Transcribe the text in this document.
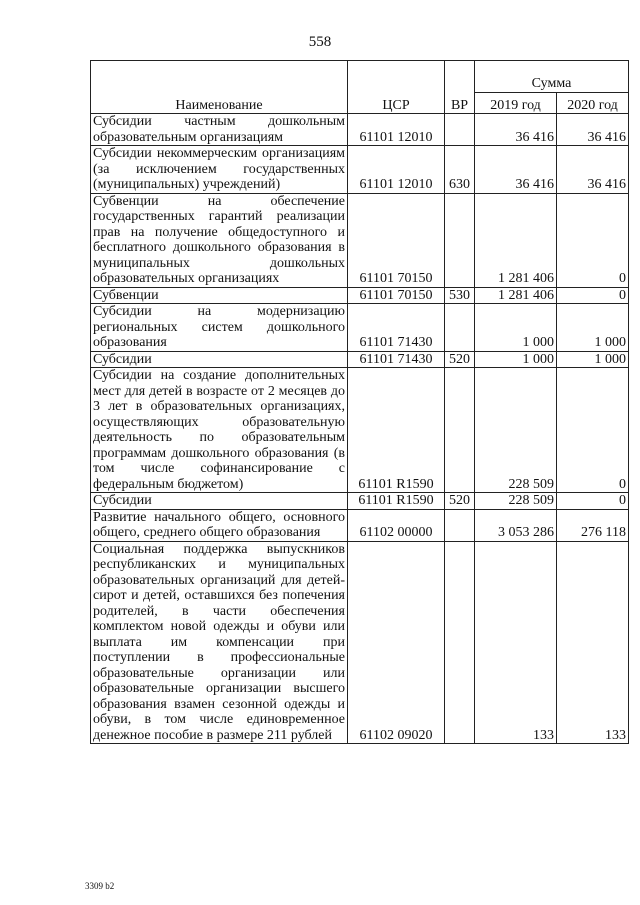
558
Наименование	ЦСР	ВР	Сумма	
			2019 год	2020 год
Субсидии частным дошкольным образовательным организациям	61101 12010		36 416	36 416
Субсидии некоммерческим организациям (за исключением государственных (муниципальных) учреждений)	61101 12010	630	36 416	36 416
Субвенции на обеспечение государственных гарантий реализации прав на получение общедоступного и бесплатного дошкольного образования в муниципальных дошкольных образовательных организациях	61101 70150		1 281 406	0
Субвенции	61101 70150	530	1 281 406	0
Субсидии на модернизацию региональных систем дошкольного образования	61101 71430		1 000	1 000
Субсидии	61101 71430	520	1 000	1 000
Субсидии на создание дополнительных мест для детей в возрасте от 2 месяцев до 3 лет в образовательных организациях, осуществляющих образовательную деятельность по образовательным программам дошкольного образования (в том числе софинансирование с федеральным бюджетом)	61101 R1590		228 509	0
Субсидии	61101 R1590	520	228 509	0
Развитие начального общего, основного общего, среднего общего образования	61102 00000		3 053 286	276 118
Социальная поддержка выпускников республиканских и муниципальных образовательных организаций для детей-сирот и детей, оставшихся без попечения родителей, в части обеспечения комплектом новой одежды и обуви или выплата им компенсации при поступлении в профессиональные образовательные организации или образовательные организации высшего образования взамен сезонной одежды и обуви, в том числе единовременное денежное пособие в размере 211 рублей	61102 09020		133	133
3309 b2
